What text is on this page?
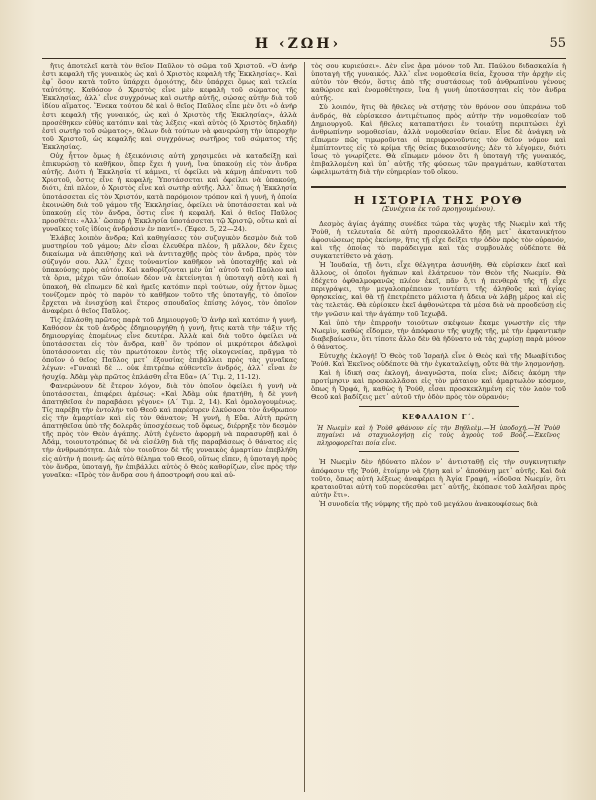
Η ‹ΖΩΗ›	55

ἤτις ἀποτελεῖ κατὰ τὸν θεῖον Παῦλον τὸ σῶμα τοῦ Χριστοῦ. «Ὁ ἀνήρ ἐστι κεφαλὴ τῆς γυναικὸς ὡς καὶ ὁ Χριστὸς κεφαλὴ τῆς Ἐκκλησίας». Καὶ ἐφ᾽ ὅσον κατὰ τοῦτο ὑπάρχει ὁμοιότης, δὲν ὑπάρχει ὅμως καὶ τελεία ταὐτότης. Καθόσον ὁ Χριστὸς εἶνε μὲν κεφαλὴ τοῦ σώματος τῆς Ἐκκλησίας, ἀλλ᾽ εἶνε συγχρόνως καὶ σωτὴρ αὐτῆς, σώσας αὐτὴν διὰ τοῦ ἰδίου αἵματος. Ἕνεκα τούτου δὲ καὶ ὁ θεῖος Παῦλος εἶπε μὲν ὅτι «ὁ ἀνήρ ἐστι κεφαλὴ τῆς γυναικός, ὡς καὶ ὁ Χριστὸς τῆς Ἐκκλησίας», ἀλλὰ προσέθηκεν εὐθὺς κατόπιν καὶ τὰς λέξεις «καὶ αὐτὸς (ὁ Χριστὸς δηλαδὴ) ἐστὶ σωτὴρ τοῦ σώματος», θέλων διὰ τούτων νὰ φανερώσῃ τὴν ὑπεροχὴν τοῦ Χριστοῦ, ὡς κεφαλῆς καὶ συγχρόνως σωτῆρος τοῦ σώματος τῆς Ἐκκλησίας.

Οὐχ ἧττον ὅμως ἡ ἐξεικόνισις αὐτὴ χρησιμεύει νὰ καταδείξῃ καὶ ἐπικυρώσῃ τὸ καθῆκον, ὅπερ ἔχει ἡ γυνή, ἵνα ὑπακούῃ εἰς τὸν ἄνδρα αὐτῆς. Διότι ἡ Ἐκκλησία τί κάμνει, τί ὀφείλει νὰ κάμνῃ ἀπέναντι τοῦ Χριστοῦ, ὅστις εἶνε ἡ κεφαλή; Ὑποτάσσεται καὶ ὀφείλει νὰ ὑπακούῃ, διότι, ἐπὶ πλέον, ὁ Χριστὸς εἶνε καὶ σωτὴρ αὐτῆς. Ἀλλ᾽ ὅπως ἡ Ἐκκλησία ὑποτάσσεται εἰς τὸν Χριστόν, κατὰ παρόμοιον τρόπον καὶ ἡ γυνή, ἡ ὁποία ἐκοινώθη διὰ τοῦ γάμου τῆς Ἐκκλησίας, ὀφείλει νὰ ὑποτάσσεται καὶ νὰ ὑπακούῃ εἰς τὸν ἄνδρα, ὅστις εἶνε ἡ κεφαλή. Καὶ ὁ θεῖος Παῦλος προσθέτει: «Ἀλλ᾽ ὥσπερ ἡ Ἐκκλησία ὑποτάσσεται τῷ Χριστῷ, οὕτω καὶ αἱ γυναῖκες τοῖς ἰδίοις ἀνδράσιν ἐν παντί». (Ἐφεσ. 5, 22—24).

Ἐλάβες λοιπὸν ἄνδρα; Καὶ καθηγίασες τὸν συζυγικὸν δεσμὸν διὰ τοῦ μυστηρίου τοῦ γάμου; Δὲν εἶσαι ἐλευθέρα πλέον, ἢ μᾶλλον, δὲν ἔχεις δικαίωμα νὰ ἀπειθήσῃς καὶ νὰ ἀντιταχθῇς πρὸς τὸν ἄνδρα, πρὸς τὸν σύζυγόν σου. Ἀλλ᾽ ἔχεις τοὐναντίον καθῆκον νὰ ὑποταχθῇς καὶ νὰ ὑπακούσῃς πρὸς αὐτόν. Καὶ καθορίζονται μὲν ὑπ᾽ αὐτοῦ τοῦ Παύλου καὶ τὰ ὅρια, μέχρι τῶν ὁποίων δέον νὰ ἐκτείνηται ἡ ὑποταγὴ αὐτὴ καὶ ἡ ὑπακοή, θὰ εἴπωμεν δὲ καὶ ἡμεῖς κατόπιν περὶ τούτων, οὐχ ἧττον ὅμως τονίζομεν πρὸς τὸ παρὸν τὸ καθῆκον τοῦτο τῆς ὑποταγῆς, τὸ ὁποῖον ἔρχεται νὰ ἐνισχύσῃ καὶ ἕτερος σπουδαῖος ἐπίσης λόγος, τὸν ὁποῖον ἀναφέρει ὁ θεῖος Παῦλος.

Τὶς ἐπλάσθη πρῶτος παρὰ τοῦ Δημιουργοῦ; Ὁ ἀνὴρ καὶ κατόπιν ἡ γυνή. Καθόσον ἐκ τοῦ ἀνδρὸς ἐδημιουργήθη ἡ γυνή, ἥτις κατὰ τὴν τάξιν τῆς δημιουργίας ἐπομένως εἶνε δευτέρα. Ἀλλὰ καὶ διὰ τοῦτο ὀφείλει νὰ ὑποτάσσεται εἰς τὸν ἄνδρα, καθ᾽ ὃν τρόπον οἱ μικρότεροι ἀδελφοὶ ὑποτάσσονται εἰς τὸν πρωτότοκον ἐντὸς τῆς οἰκογενείας, πρᾶγμα τὸ ὁποῖον ὁ θεῖος Παῦλος μετ᾽ ἐξουσίας ἐπιβάλλει πρὸς τὰς γυναῖκας λέγων: «Γυναικὶ δὲ ... οὐκ ἐπιτρέπω αὐθεντεῖν ἀνδρός, ἀλλ᾽ εἶναι ἐν ἡσυχίᾳ. Ἀδὰμ γὰρ πρῶτος ἐπλάσθη εἶτα Εὔα» (Α΄ Τιμ. 2, 11-12).

Φανερώνουν δὲ ἕτερον λόγον, διὰ τὸν ὁποῖον ὀφείλει ἡ γυνὴ νὰ ὑποτάσσεται, ἐπιφέρει ἀμέσως: «Καὶ Ἀδὰμ οὐκ ἠπατήθη, ἡ δὲ γυνὴ ἀπατηθεῖσα ἐν παραβάσει γέγονε» (Α΄ Τιμ. 2, 14). Καὶ ὁμολογουμένως. Τίς παρέβη τὴν ἐντολὴν τοῦ Θεοῦ καὶ παρέσυρεν ἑλκύσασα τὸν ἄνθρωπον εἰς τὴν ἁμαρτίαν καὶ εἰς τὸν θάνατον; Ἡ γυνή, ἡ Εὔα. Αὐτὴ πρώτη ἀπατηθεῖσα ὑπὸ τῆς δολερᾶς ὑποσχέσεως τοῦ ὄφεως, διέρρηξε τὸν δεσμὸν τῆς πρὸς τὸν Θεὸν ἀγάπης. Αὐτὴ ἐγένετο ἀφορμὴ νὰ παρασυρθῇ καὶ ὁ Ἀδάμ, τοιουτοτρόπως δὲ νὰ εἰσέλθῃ διὰ τῆς παραβάσεως ὁ θάνατος εἰς τὴν ἀνθρωπότητα. Διὰ τὸν τοιοῦτον δὲ τῆς γυναικὸς ἁμαρτίαν ἐπεβλήθη εἰς αὐτὴν ἡ ποινή: ὡς αὐτὸ θέλημα τοῦ Θεοῦ, οὕτως εἴπεν, ἡ ὑποταγὴ πρὸς τὸν ἄνδρα, ὑποταγή, ἥν ἐπιβάλλει αὐτὸς ὁ Θεὸς καθορίζων, εἶνε πρὸς τὴν γυναῖκα: «Πρὸς τὸν ἄνδρα σου ἡ ἀποστροφή σου καὶ αὐ-

τὸς σου κυριεύσει». Δὲν εἶνε ἄρα μόνον τοῦ Ἀπ. Παύλου διδασκαλία ἡ ὑποταγὴ τῆς γυναικός. Ἀλλ᾽ εἶνε νομοθεσία θεία, ἔχουσα τὴν ἀρχὴν εἰς αὐτὸν τὸν Θεόν, ὅστις ἀπὸ τῆς συστάσεως τοῦ ἀνθρωπίνου γένους καθώρισε καὶ ἐνομοθέτησεν, ἵνα ἡ γυνὴ ὑποτάσσηται εἰς τὸν ἄνδρα αὐτῆς.

Σὺ λοιπόν, ἥτις θὰ ἤθελες νὰ στήσῃς τὸν θρόνον σου ὑπεράνω τοῦ ἀνδρός, θὰ εὑρίσκεσο ἀντιμέτωπος πρὸς αὐτὴν τὴν νομοθεσίαν τοῦ Δημιουργοῦ. Καὶ ἤθελες καταπατήσει ἐν τοιαύτῃ περιπτώσει ἐχὶ ἀνθρωπίνην νομοθεσίαν, ἀλλὰ νομοθεσίαν θείαν. Εἶνε δὲ ἀνάγκη νὰ εἴπωμεν πῶς τιμωροῦνται οἱ περιφρονοῦντες τὸν θεῖον νόμον καὶ ἐμπίπτοντες εἰς τὸ κρίμα τῆς θείας δικαιοσύνης; Δὲν τὸ λέγομεν, διότι ἴσως τὸ γνωρίζετε. Θὰ εἴπωμεν μόνον ὅτι ἡ ὑποταγὴ τῆς γυναικός, ἐπιβαλλομένη καὶ ὑπ᾽ αὐτῆς τῆς φύσεως τῶν πραγμάτων, καθίσταται ὠφελιμωτάτη διὰ τὴν εὐημερίαν τοῦ οἴκου.

Η ΙΣΤΟΡΙΑ ΤΗΣ ΡΟΥΘ
(Συνέχεια ἐκ τοῦ προηγουμένου).

Δεσμὸς ἀγίας ἀγάπης συνέδεε τώρα τὰς ψυχὰς τῆς Νωεμὶν καὶ τῆς Ῥοὺθ, ἡ τελευταία δὲ αὐτὴ προσεκολλᾶτο ἤδη μετ᾽ ἀκατανικήτου ἀφοσιώσεως πρὸς ἐκείνην, ἥτις τῇ εἶχε δείξει τὴν ὁδὸν πρὸς τὸν οὐρανόν, καὶ τῆς ὁποίας τὸ παράδειγμα καὶ τὰς συμβουλὰς οὐδέποτε θὰ συγκατετίθετο νὰ χάσῃ.

Ἡ Ἰουδαία, τῇ ὄντι, εἶχε θέλγητρα ἀσυνήθη. Θὰ εὑρίσκεν ἐκεῖ καὶ ἄλλους, οἱ ὁποῖοι ἠγάπων καὶ ἐλάτρευον τὸν Θεὸν τῆς Νωεμίν. Θὰ ἐδέχετο ὀφθαλμοφανῶς πλέον ἐκεῖ, πᾶν ὅ,τι ἡ πενθερὰ τῆς τῇ εἶχε περιγράψει, τὴν μεγαλοπρέπειαν τουτέστι τῆς ἀληθοῦς καὶ ἁγίας θρησκείας, καὶ θὰ τῇ ἐπετρέπετο μάλιστα ἡ ἄδεια νὰ λάβῃ μέρος καὶ εἰς τὰς τελετάς. Θὰ εὑρίσκεν ἐκεῖ ἀφθονώτερα τὰ μέσα διὰ νὰ προοδεύσῃ εἰς τὴν γνῶσιν καὶ τὴν ἀγάπην τοῦ Ἰεχωβᾶ.

Καὶ ὑπὸ τὴν ἐπιρροὴν τοιούτων σκέψεων ἔκαμε γνωστὴν εἰς τὴν Νωεμὶν, καθὼς εἴδομεν, τὴν ἀπόφασιν τῆς ψυχῆς τῆς, μὲ τὴν ἐμφαντικὴν διαβεβαίωσιν, ὅτι τίποτε ἄλλο δὲν θὰ ἠδύνατο νὰ τὰς χωρίσῃ παρὰ μόνον ὁ θάνατος.

Εὐτυχὴς ἐκλογή! Ὁ Θεὸς τοῦ Ἰσραὴλ εἶνε ὁ Θεὸς καὶ τῆς Μωαβίτιδος Ῥούθ. Καὶ Ἐκεῖνος οὐδέποτε θὰ τὴν ἐγκαταλείψῃ, οὔτε θὰ τὴν λησμονήσῃ.

Καὶ ἡ ἰδική σας ἐκλογή, ἀναγνῶστα, ποία εἶνε; Δίδεις ἀκόμη τὴν προτίμησιν καὶ προσκολλᾶσαι εἰς τὸν μάταιον καὶ ἁμαρτωλὸν κόσμον, ὅπως ἡ Ὀρφά, ἢ, καθὼς ἡ Ῥούθ, εἶσαι προσκεκλημένη εἰς τὸν λαὸν τοῦ Θεοῦ καὶ βαδίζεις μετ᾽ αὐτοῦ τὴν ὁδὸν πρὸς τὸν οὐρανόν;

ΚΕΦΑΛΑΙΟΝ Γ΄.
Ἡ Νωεμὶν καὶ ἡ Ῥοὺθ φθάνουν εἰς τὴν Βηθλεὲμ.—Ἡ ὑποδοχή.—Ἡ Ῥοὺθ πηγαίνει νὰ σταχυολογήσῃ εἰς τοὺς ἀγροὺς τοῦ Βοόζ.—Ἐκεῖνος πληροφορεῖται ποία εἶνε.

Ἡ Νωεμὶν δὲν ἠδύνατο πλέον ν᾽ ἀντισταθῇ εἰς τὴν συγκινητικὴν ἀπόφασιν τῆς Ῥούθ, ἑτοίμην νὰ ζήσῃ καὶ ν᾽ ἀποθάνῃ μετ᾽ αὐτῆς. Καὶ διὰ τοῦτο, ὅπως αὐτὴ λέξεως ἀναφέρει ἡ Ἁγία Γραφή, «ἰδοῦσα Νωεμίν, ὅτι κραταιοῦται αὐτὴ τοῦ πορεύεσθαι μετ᾽ αὐτῆς, ἐκόπασε τοῦ λαλῆσαι πρὸς αὐτὴν ἔτι».

Ἡ συνοδεία τῆς νύμφης τῆς πρὸ τοῦ μεγάλου ἀνακουφίσεως διὰ
